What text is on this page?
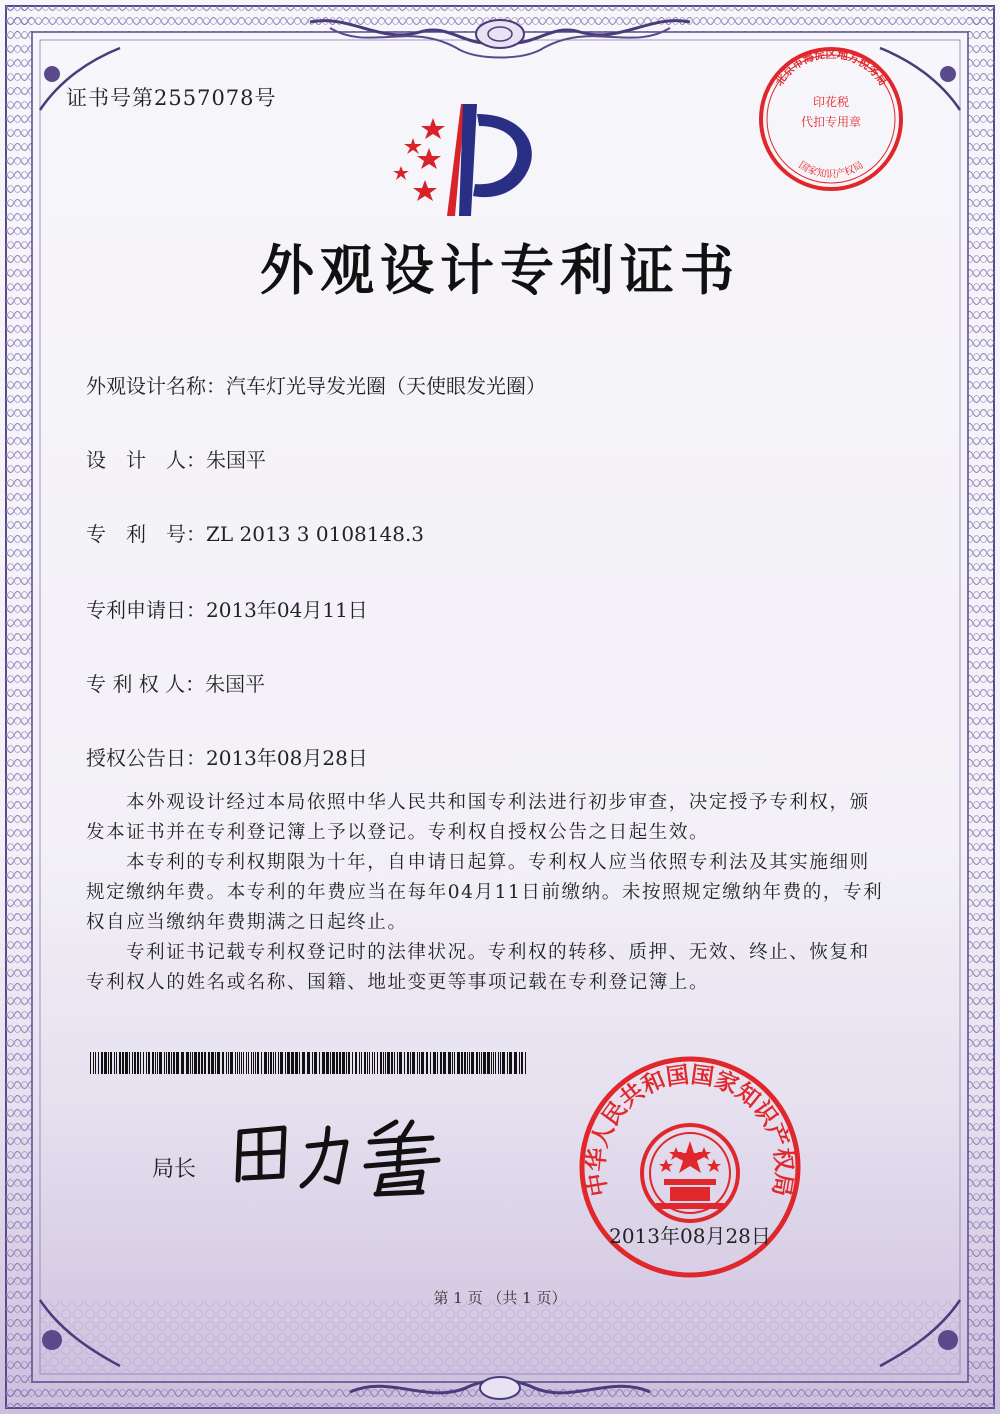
证书号第2557078号
北京市海淀区地方税务局
国家知识产权局
印花税
代扣专用章
外观设计专利证书
外观设计名称：汽车灯光导发光圈（天使眼发光圈）
设　计　人：朱国平
专　利　号：ZL 2013 3 0108148.3
专利申请日：2013年04月11日
专 利 权 人：朱国平
授权公告日：2013年08月28日

本外观设计经过本局依照中华人民共和国专利法进行初步审查，决定授予专利权，颁发本证书并在专利登记簿上予以登记。专利权自授权公告之日起生效。

本专利的专利权期限为十年，自申请日起算。专利权人应当依照专利法及其实施细则规定缴纳年费。本专利的年费应当在每年04月11日前缴纳。未按照规定缴纳年费的，专利权自应当缴纳年费期满之日起终止。

专利证书记载专利权登记时的法律状况。专利权的转移、质押、无效、终止、恢复和专利权人的姓名或名称、国籍、地址变更等事项记载在专利登记簿上。

局长
中华人民共和国国家知识产权局
2013年08月28日
第 1 页 （共 1 页）
